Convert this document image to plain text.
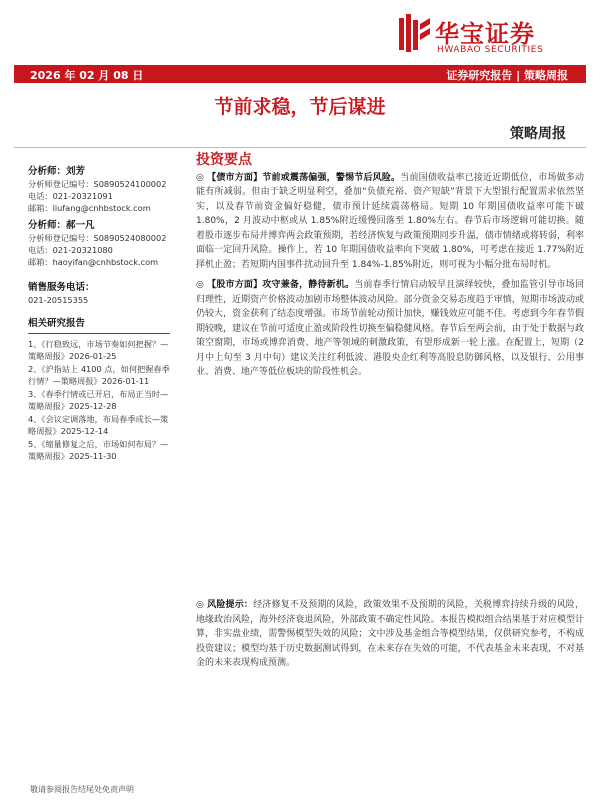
华宝证券
HWABAO SECURITIES
2026 年 02 月 08 日	证券研究报告 | 策略周报
节前求稳，节后谋进
策略周报
分析师：刘芳
分析师登记编号：S0890524100002
电话：021-20321091
邮箱：liufang@cnhbstock.com
分析师：郝一凡
分析师登记编号：S0890524080002
电话：021-20321080
邮箱：haoyifan@cnhbstock.com
销售服务电话：
021-20515355
相关研究报告
1、《行稳致远，市场节奏如何把握？—策略周报》2026-01-25
2、《沪指站上 4100 点，如何把握春季行情？—策略周报》2026-01-11
3、《春季行情或已开启，布局正当时—策略周报》2025-12-28
4、《会议定调落地，布局春季成长—策略周报》2025-12-14
5、《缩量修复之后，市场如何布局？—策略周报》2025-11-30
投资要点

◎ 【债市方面】节前或震荡偏强，警惕节后风险。当前国债收益率已接近近期低位，市场做多动能有所减弱。但由于缺乏明显利空，叠加“负债充裕、资产短缺”背景下大型银行配置需求依然坚实，以及春节前资金偏好稳健，债市预计延续震荡格局。短期 10 年期国债收益率可能下破 1.80%，2 月波动中枢或从 1.85%附近缓慢回落至 1.80%左右。春节后市场逻辑可能切换。随着股市逐步布局并博弈两会政策预期，若经济恢复与政策预期同步升温，债市情绪或将转弱，利率面临一定回升风险。操作上，若 10 年期国债收益率向下突破 1.80%，可考虑在接近 1.77%附近择机止盈；若短期内国事件扰动回升至 1.84%-1.85%附近，则可视为小幅分批布局时机。

◎ 【股市方面】攻守兼备，静待新机。当前春季行情启动较早且演绎较快，叠加监管引导市场回归理性，近期资产价格波动加剧市场整体波动风险。部分资金交易态度趋于审慎，短期市场波动或仍较大，资金获利了结态度增强。市场节前轮动预计加快，赚钱效应可能不佳。考虑到今年春节假期较晚，建议在节前可适度止盈或阶段性切换至偏稳健风格。春节后至两会前，由于处于数据与政策空窗期，市场或博弈消费、地产等领域的刺激政策，有望形成新一轮上涨。在配置上，短期（2 月中上旬至 3 月中旬）建议关注红利低波、港股央企红利等高股息防御风格，以及银行、公用事业、消费、地产等低位板块的阶段性机会。

◎ 风险提示：经济修复不及预期的风险，政策效果不及预期的风险，关税博弈持续升级的风险，地缘政治风险，海外经济衰退风险，外部政策不确定性风险。本报告模拟组合结果基于对应模型计算，非实盘业绩，需警惕模型失效的风险；文中涉及基金组合等模型结果，仅供研究参考，不构成投资建议；模型均基于历史数据测试得到，在未来存在失效的可能，不代表基金未来表现，不对基金的未来表现构成预测。
敬请参阅报告结尾处免责声明
